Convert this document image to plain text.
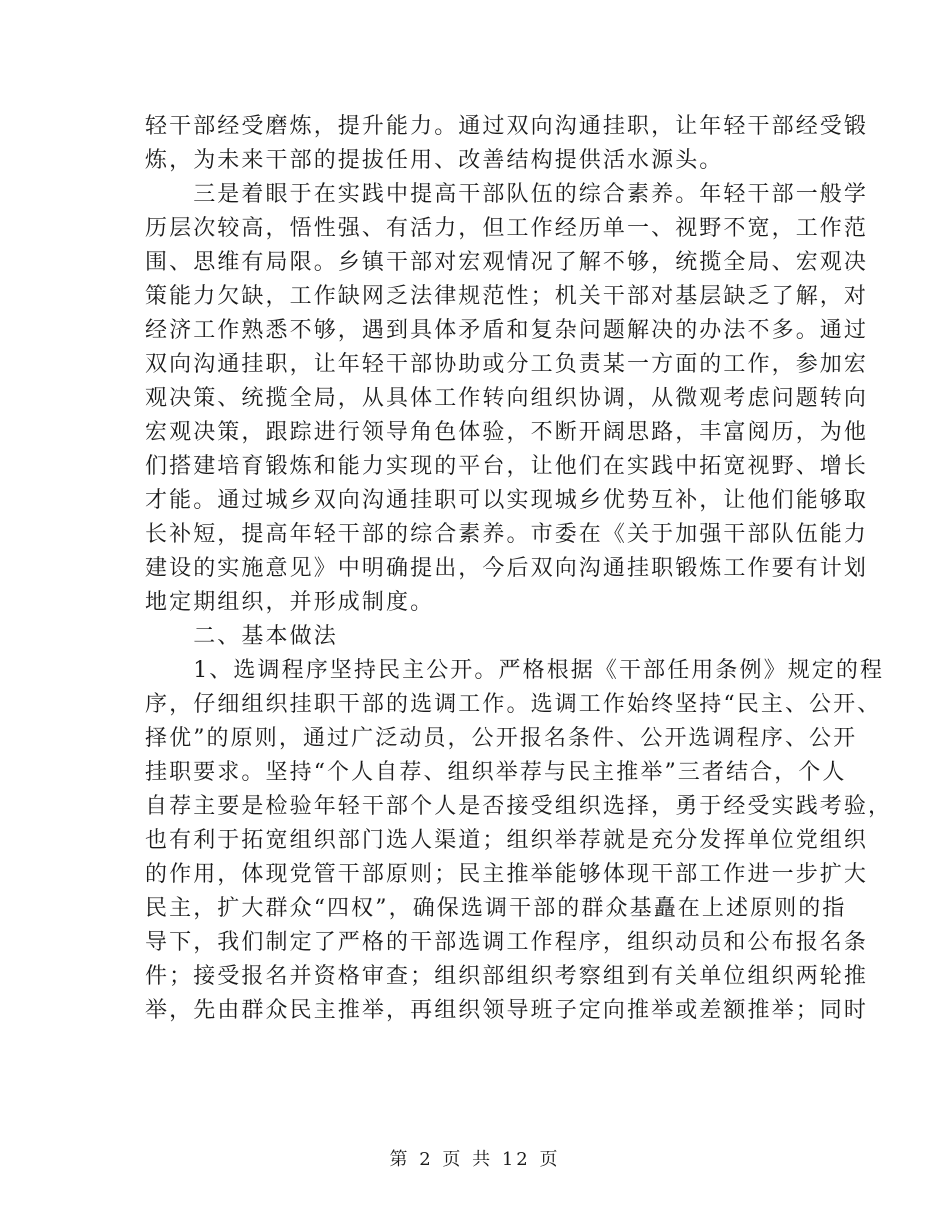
轻干部经受磨炼，提升能力。通过双向沟通挂职，让年轻干部经受锻
炼，为未来干部的提拔任用、改善结构提供活水源头。
　　三是着眼于在实践中提高干部队伍的综合素养。年轻干部一般学
历层次较高，悟性强、有活力，但工作经历单一、视野不宽，工作范
围、思维有局限。乡镇干部对宏观情况了解不够，统揽全局、宏观决
策能力欠缺，工作缺网乏法律规范性；机关干部对基层缺乏了解，对
经济工作熟悉不够，遇到具体矛盾和复杂问题解决的办法不多。通过
双向沟通挂职，让年轻干部协助或分工负责某一方面的工作，参加宏
观决策、统揽全局，从具体工作转向组织协调，从微观考虑问题转向
宏观决策，跟踪进行领导角色体验，不断开阔思路，丰富阅历，为他
们搭建培育锻炼和能力实现的平台，让他们在实践中拓宽视野、增长
才能。通过城乡双向沟通挂职可以实现城乡优势互补，让他们能够取
长补短，提高年轻干部的综合素养。市委在《关于加强干部队伍能力
建设的实施意见》中明确提出，今后双向沟通挂职锻炼工作要有计划
地定期组织，并形成制度。
　　二、基本做法
　　1、选调程序坚持民主公开。严格根据《干部任用条例》规定的程
序，仔细组织挂职干部的选调工作。选调工作始终坚持“民主、公开、
择优”的原则，通过广泛动员，公开报名条件、公开选调程序、公开
挂职要求。坚持“个人自荐、组织举荐与民主推举”三者结合，个人
自荐主要是检验年轻干部个人是否接受组织选择，勇于经受实践考验，
也有利于拓宽组织部门选人渠道；组织举荐就是充分发挥单位党组织
的作用，体现党管干部原则；民主推举能够体现干部工作进一步扩大
民主，扩大群众“四权”，确保选调干部的群众基矗在上述原则的指
导下，我们制定了严格的干部选调工作程序，组织动员和公布报名条
件；接受报名并资格审查；组织部组织考察组到有关单位组织两轮推
举，先由群众民主推举，再组织领导班子定向推举或差额推举；同时
第 2 页 共 12 页
